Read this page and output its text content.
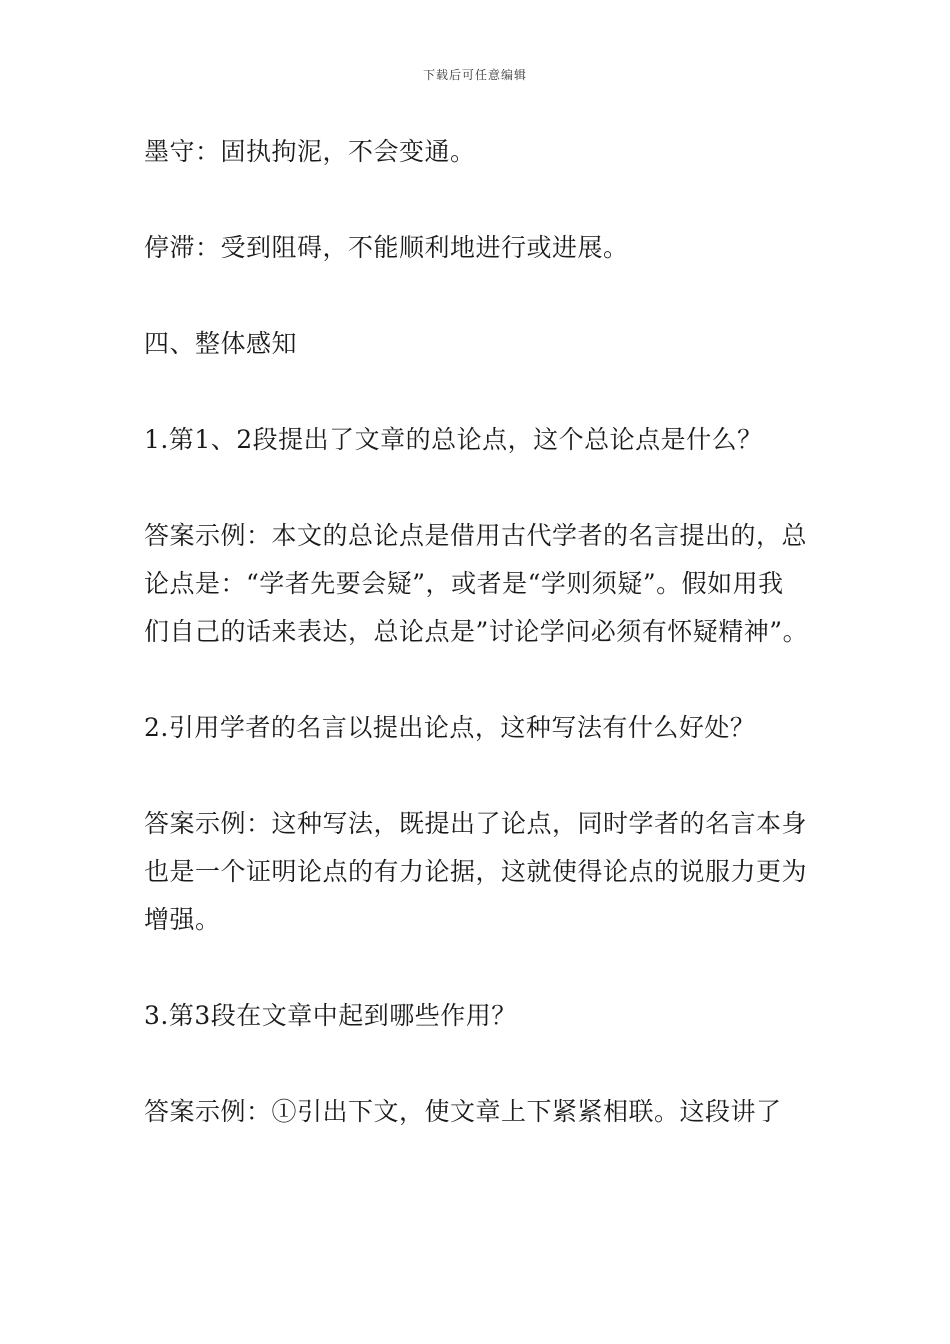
下载后可任意编辑

墨守：固执拘泥，不会变通。

停滞：受到阻碍，不能顺利地进行或进展。

四、整体感知

1.第1、2段提出了文章的总论点，这个总论点是什么？

答案示例：本文的总论点是借用古代学者的名言提出的，总论点是：“学者先要会疑”，或者是“学则须疑”。假如用我们自己的话来表达，总论点是”讨论学问必须有怀疑精神”。

2.引用学者的名言以提出论点，这种写法有什么好处？

答案示例：这种写法，既提出了论点，同时学者的名言本身也是一个证明论点的有力论据，这就使得论点的说服力更为增强。

3.第3段在文章中起到哪些作用？

答案示例：①引出下文，使文章上下紧紧相联。这段讲了
